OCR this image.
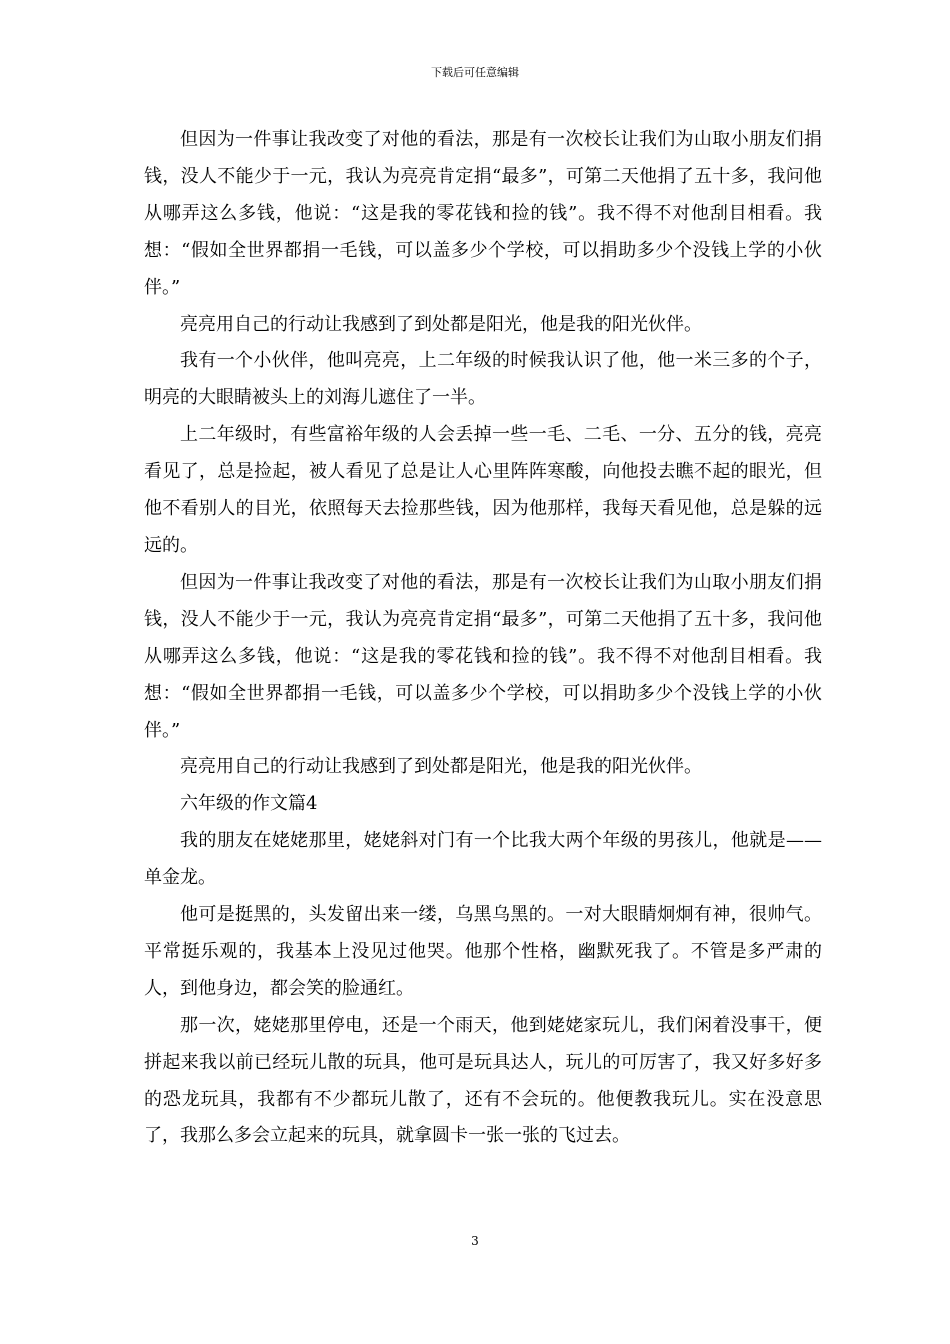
下载后可任意编辑

但因为一件事让我改变了对他的看法，那是有一次校长让我们为山取小朋友们捐钱，没人不能少于一元，我认为亮亮肯定捐“最多”，可第二天他捐了五十多，我问他从哪弄这么多钱，他说：“这是我的零花钱和捡的钱”。我不得不对他刮目相看。我想：“假如全世界都捐一毛钱，可以盖多少个学校，可以捐助多少个没钱上学的小伙伴。”

亮亮用自己的行动让我感到了到处都是阳光，他是我的阳光伙伴。

我有一个小伙伴，他叫亮亮，上二年级的时候我认识了他，他一米三多的个子，明亮的大眼睛被头上的刘海儿遮住了一半。

上二年级时，有些富裕年级的人会丢掉一些一毛、二毛、一分、五分的钱，亮亮看见了，总是捡起，被人看见了总是让人心里阵阵寒酸，向他投去瞧不起的眼光，但他不看别人的目光，依照每天去捡那些钱，因为他那样，我每天看见他，总是躲的远远的。

但因为一件事让我改变了对他的看法，那是有一次校长让我们为山取小朋友们捐钱，没人不能少于一元，我认为亮亮肯定捐“最多”，可第二天他捐了五十多，我问他从哪弄这么多钱，他说：“这是我的零花钱和捡的钱”。我不得不对他刮目相看。我想：“假如全世界都捐一毛钱，可以盖多少个学校，可以捐助多少个没钱上学的小伙伴。”

亮亮用自己的行动让我感到了到处都是阳光，他是我的阳光伙伴。

六年级的作文篇4

我的朋友在姥姥那里，姥姥斜对门有一个比我大两个年级的男孩儿，他就是——单金龙。

他可是挺黑的，头发留出来一缕，乌黑乌黑的。一对大眼睛炯炯有神，很帅气。平常挺乐观的，我基本上没见过他哭。他那个性格，幽默死我了。不管是多严肃的人，到他身边，都会笑的脸通红。

那一次，姥姥那里停电，还是一个雨天，他到姥姥家玩儿，我们闲着没事干，便拼起来我以前已经玩儿散的玩具，他可是玩具达人，玩儿的可厉害了，我又好多好多的恐龙玩具，我都有不少都玩儿散了，还有不会玩的。他便教我玩儿。实在没意思了，我那么多会立起来的玩具，就拿圆卡一张一张的飞过去。

3
